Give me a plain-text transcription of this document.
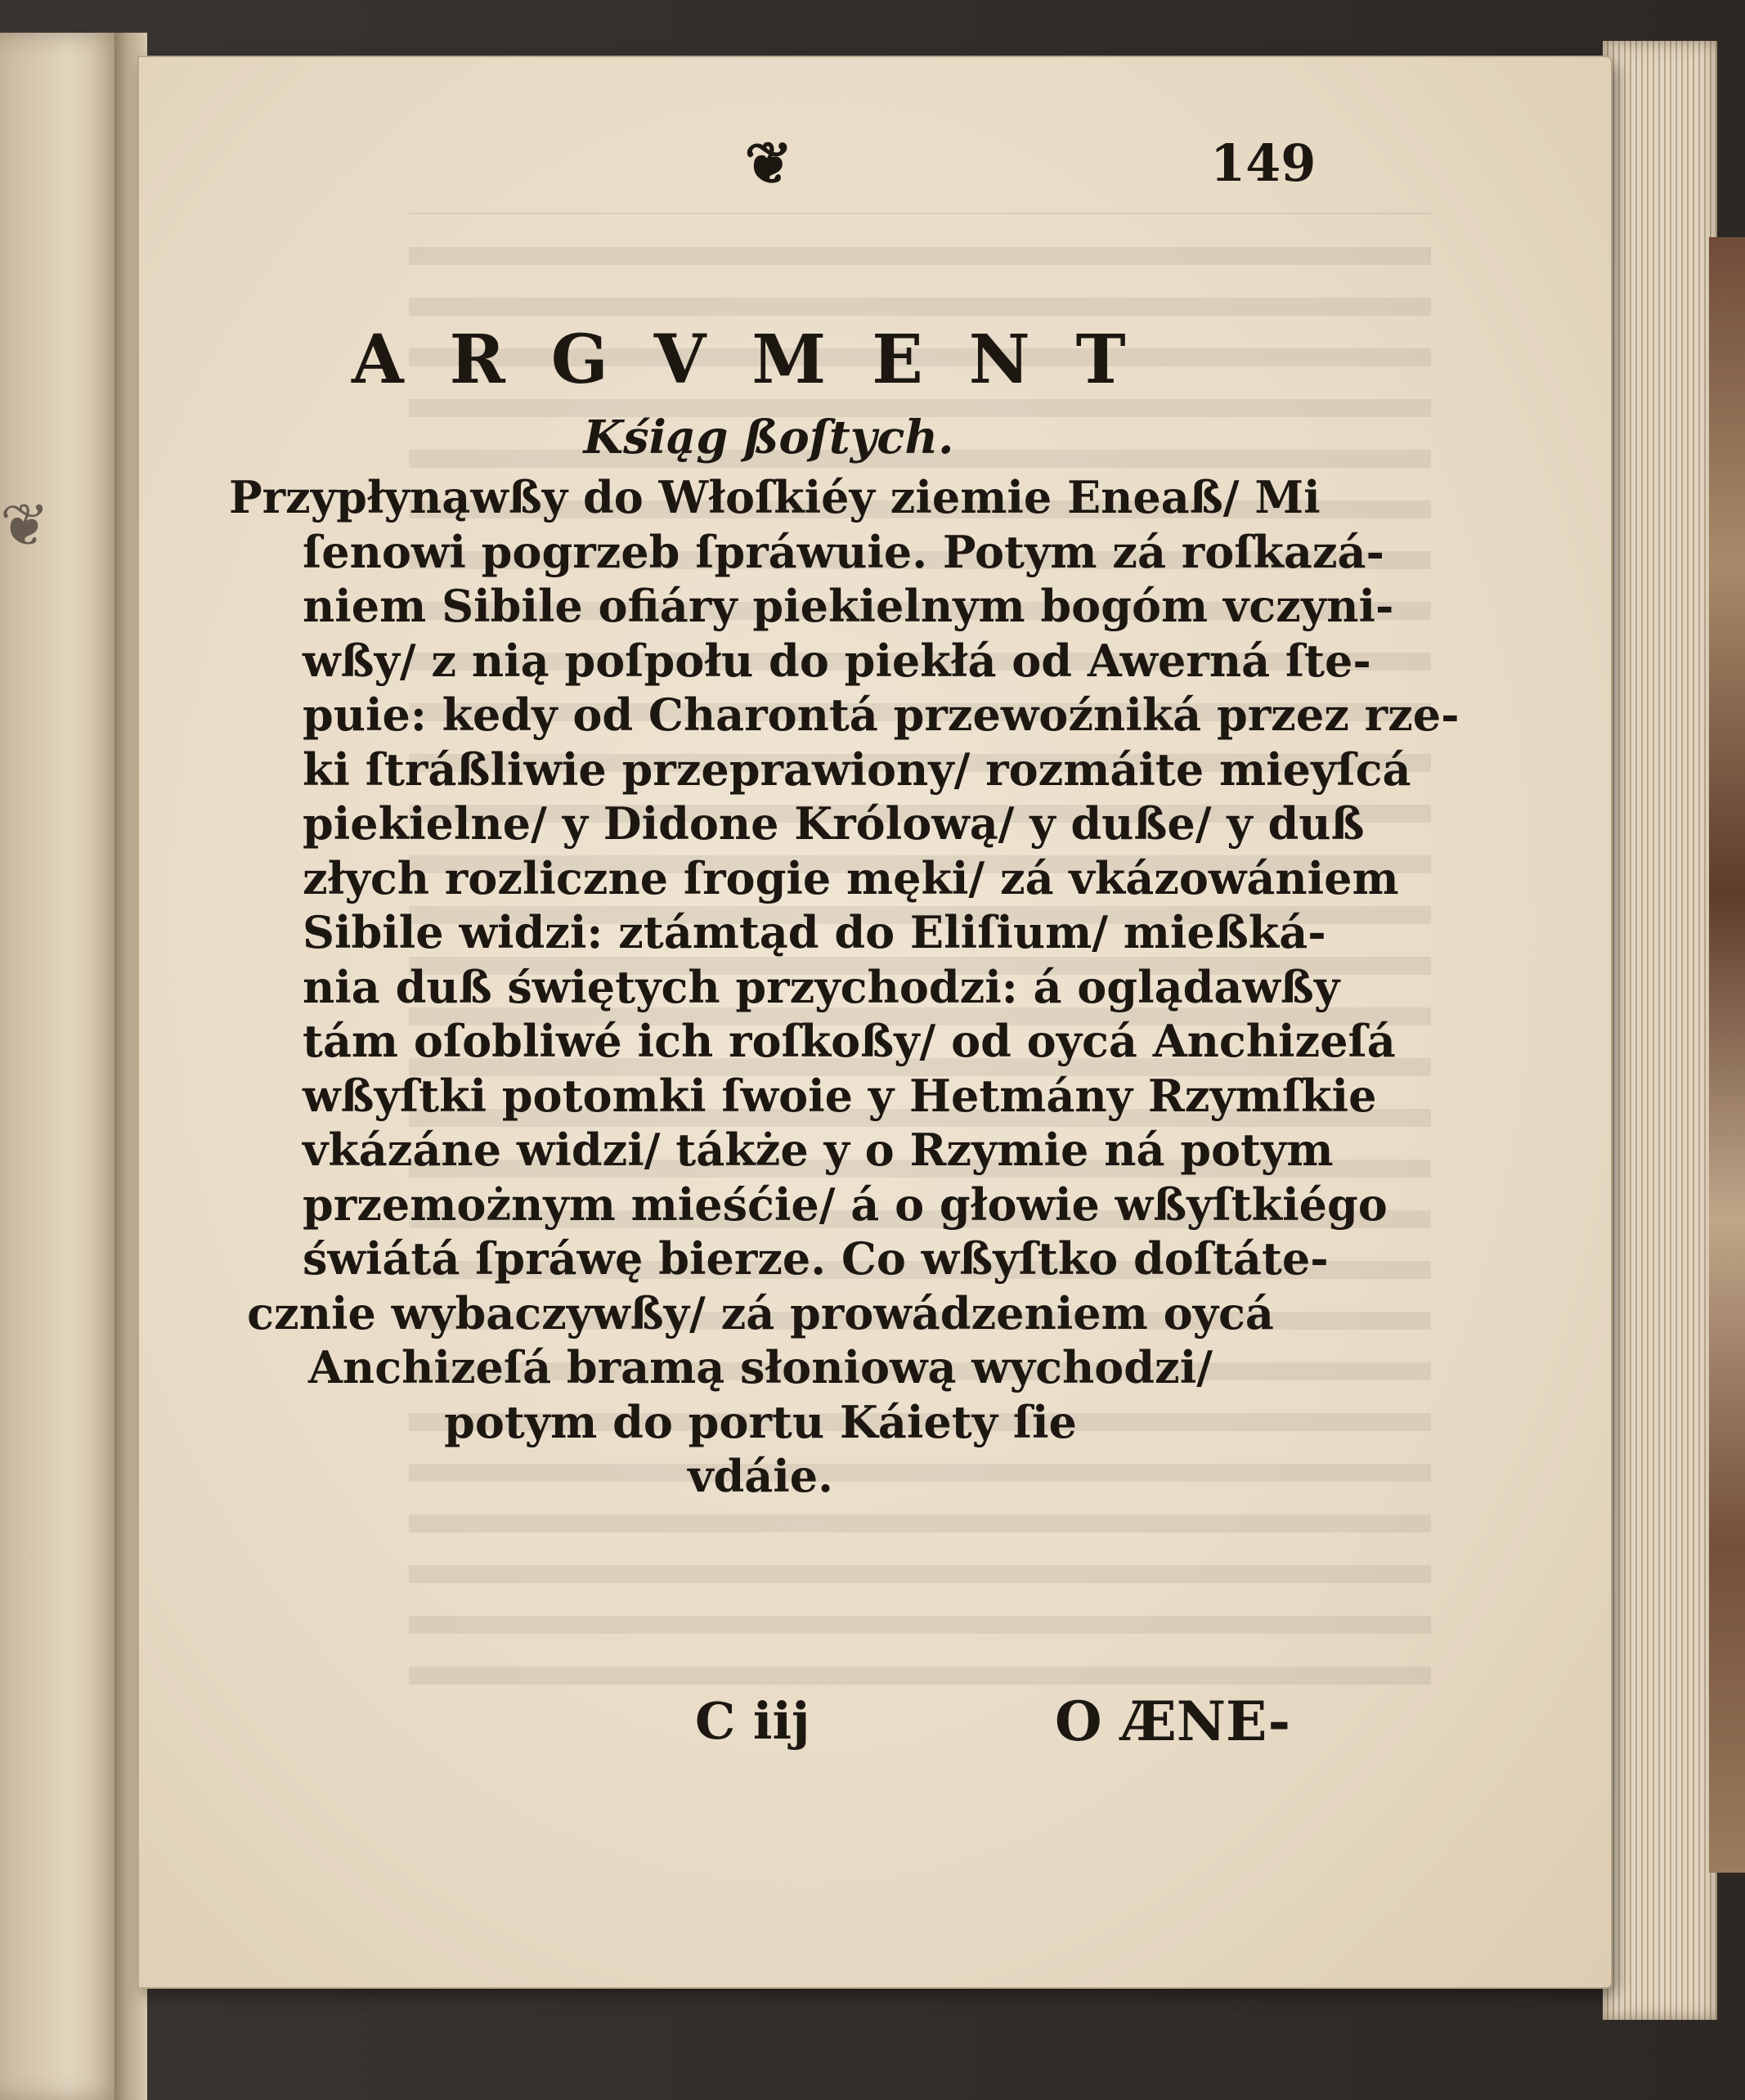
❦
❦	149
ARGVMENT
Kśiąg ßoſtych.
Przypłynąwßy do Włoſkiéy ziemie Eneaß/ Mi
ſenowi pogrzeb ſpráwuie. Potym zá roſkazá-
niem Sibile ofiáry piekielnym bogóm vczyni-
wßy/ z nią poſpołu do piekłá od Awerná ſte-
puie: kedy od Charontá przewoźniká przez rze-
ki ſtráßliwie przeprawiony/ rozmáite mieyſcá
piekielne/ y Didone Królową/ y duße/ y duß
złych rozliczne ſrogie męki/ zá vkázowániem
Sibile widzi: ztámtąd do Eliſium/ mießká-
nia duß świętych przychodzi: á oglądawßy
tám oſobliwé ich roſkoßy/ od oycá Anchizeſá
wßyſtki potomki ſwoie y Hetmány Rzymſkie
vkázáne widzi/ tákże y o Rzymie ná potym
przemożnym mieśćie/ á o głowie wßyſtkiégo
świátá ſpráwę bierze. Co wßyſtko doſtáte-
cznie wybaczywßy/ zá prowádzeniem oycá
Anchizeſá bramą słoniową wychodzi/
potym do portu Káiety ſie
vdáie.
C iij	O ÆNE-
